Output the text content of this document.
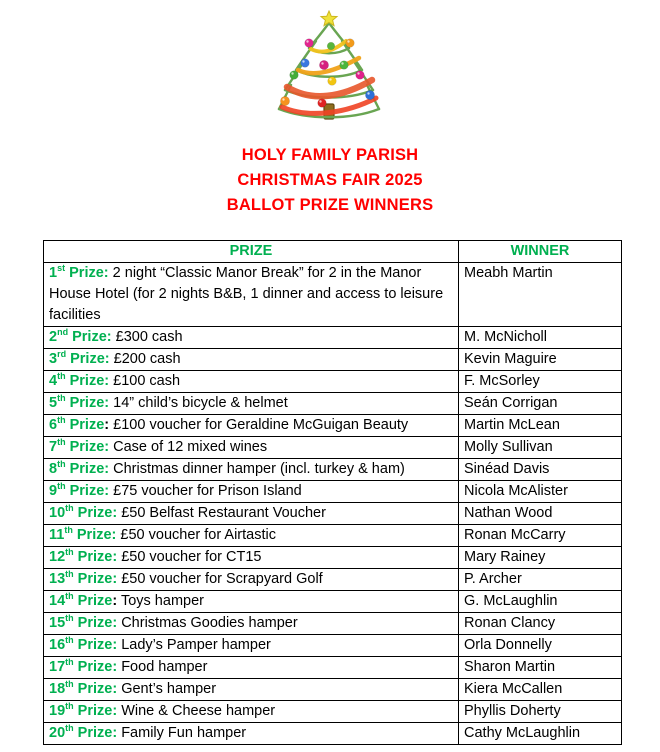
HOLY FAMILY PARISH
CHRISTMAS FAIR 2025
BALLOT PRIZE WINNERS
PRIZE	WINNER
1st Prize: 2 night “Classic Manor Break” for 2 in the Manor House Hotel (for 2 nights B&B, 1 dinner and access to leisure facilities	Meabh Martin
2nd Prize: £300 cash	M. McNicholl
3rd Prize: £200 cash	Kevin Maguire
4th Prize: £100 cash	F. McSorley
5th Prize: 14” child’s bicycle & helmet	Seán Corrigan
6th Prize: £100 voucher for Geraldine McGuigan Beauty	Martin McLean
7th Prize: Case of 12 mixed wines	Molly Sullivan
8th Prize: Christmas dinner hamper (incl. turkey & ham)	Sinéad Davis
9th Prize: £75 voucher for Prison Island	Nicola McAlister
10th Prize: £50 Belfast Restaurant Voucher	Nathan Wood
11th Prize: £50 voucher for Airtastic	Ronan McCarry
12th Prize: £50 voucher for CT15	Mary Rainey
13th Prize: £50 voucher for Scrapyard Golf	P. Archer
14th Prize: Toys hamper	G. McLaughlin
15th Prize: Christmas Goodies hamper	Ronan Clancy
16th Prize: Lady’s Pamper hamper	Orla Donnelly
17th Prize: Food hamper	Sharon Martin
18th Prize: Gent’s hamper	Kiera McCallen
19th Prize: Wine & Cheese hamper	Phyllis Doherty
20th Prize: Family Fun hamper	Cathy McLaughlin
